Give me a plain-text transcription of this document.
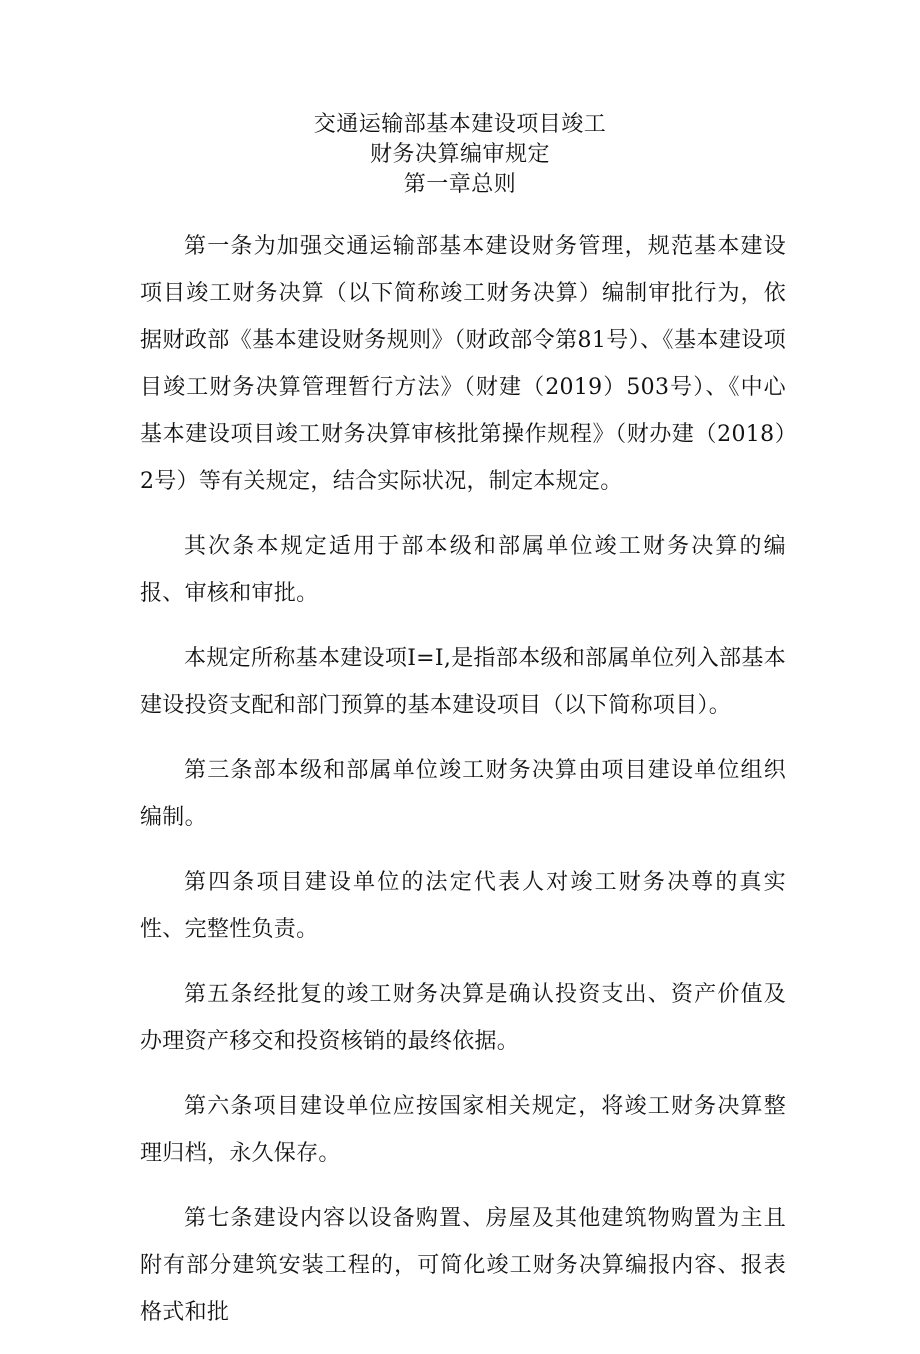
交通运输部基本建设项目竣工
财务决算编审规定
第一章总则

第一条为加强交通运输部基本建设财务管理，规范基本建设项目竣工财务决算（以下简称竣工财务决算）编制审批行为，依据财政部《基本建设财务规则》（财政部令第81号）、《基本建设项目竣工财务决算管理暂行方法》（财建（2019）503号）、《中心基本建设项目竣工财务决算审核批第操作规程》（财办建（2018）2号）等有关规定，结合实际状况，制定本规定。

其次条本规定适用于部本级和部属单位竣工财务决算的编报、审核和审批。

本规定所称基本建设项I=I,是指部本级和部属单位列入部基本建设投资支配和部门预算的基本建设项目（以下简称项目）。

第三条部本级和部属单位竣工财务决算由项目建设单位组织编制。

第四条项目建设单位的法定代表人对竣工财务决尊的真实性、完整性负责。

第五条经批复的竣工财务决算是确认投资支出、资产价值及办理资产移交和投资核销的最终依据。

第六条项目建设单位应按国家相关规定，将竣工财务决算整理归档，永久保存。

第七条建设内容以设备购置、房屋及其他建筑物购置为主且附有部分建筑安装工程的，可简化竣工财务决算编报内容、报表格式和批
